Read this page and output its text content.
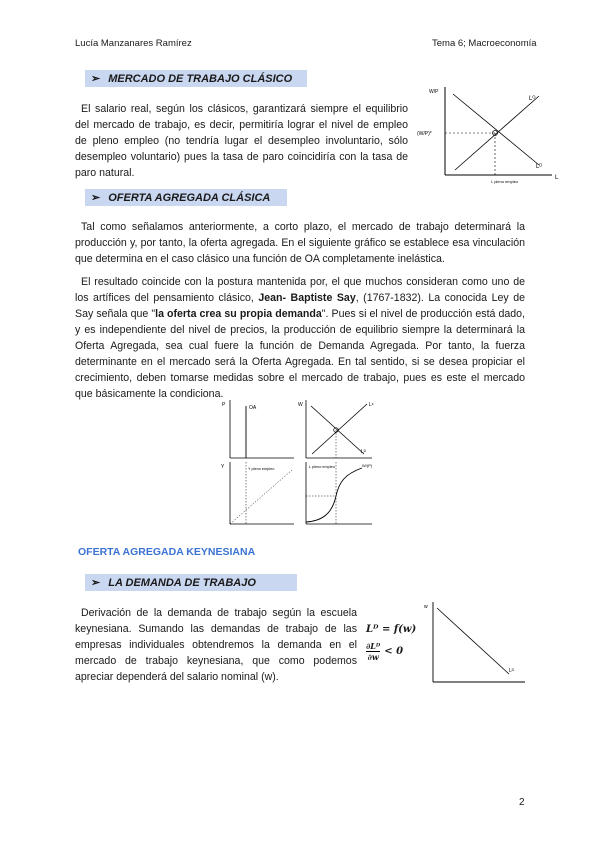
Lucía Manzanares Ramírez	Tema 6; Macroeconomía
➢ MERCADO DE TRABAJO CLÁSICO
El salario real, según los clásicos, garantizará siempre el equilibrio del mercado de trabajo, es decir, permitiría lograr el nivel de empleo de pleno empleo (no tendría lugar el desempleo involuntario, sólo desempleo voluntario) pues la tasa de paro coincidiría con la tasa de paro natural.
W/P
(W/P)*
Lᴼ
Lᴰ
L
L pleno empleo
➢ OFERTA AGREGADA CLÁSICA
Tal como señalamos anteriormente, a corto plazo, el mercado de trabajo determinará la producción y, por tanto, la oferta agregada. En el siguiente gráfico se establece esa vinculación que determina en el caso clásico una función de OA completamente inelástica.
El resultado coincide con la postura mantenida por, el que muchos consideran como uno de los artífices del pensamiento clásico, Jean- Baptiste Say, (1767-1832). La conocida Ley de Say señala que "la oferta crea su propia demanda". Pues si el nivel de producción está dado, y es independiente del nivel de precios, la producción de equilibrio siempre la determinará la Oferta Agregada, sea cual fuere la función de Demanda Agregada. Por tanto, la fuerza determinante en el mercado será la Oferta Agregada. En tal sentido, si se desea propiciar el crecimiento, deben tomarse medidas sobre el mercado de trabajo, pues es este el mercado que básicamente la condiciona.
P	OA	Lˢ
Lᴰ
W
Y	Y pleno empleo	L pleno empleo	W/(P)
OFERTA AGREGADA KEYNESIANA
➢ LA DEMANDA DE TRABAJO
Derivación de la demanda de trabajo según la escuela keynesiana. Sumando las demandas de trabajo de las empresas individuales obtendremos la demanda en el mercado de trabajo keynesiana, que como podemos apreciar dependerá del salario nominal (w).
Lᴰ = f(w)
$\frac{\text{∂Lᴰ}}{\partial w} < 0$
w
Lᴰ
2
